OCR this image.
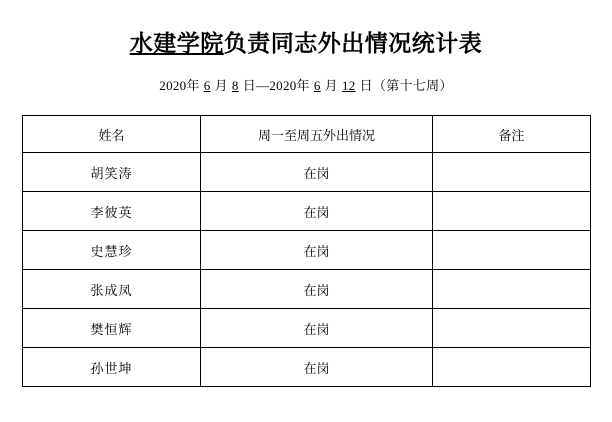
水建学院负责同志外出情况统计表

2020年 6 月 8 日—2020年 6 月 12 日（第十七周）

姓名	周一至周五外出情况	备注
胡笑涛	在岗	
李彼英	在岗	
史慧珍	在岗	
张成凤	在岗	
樊恒辉	在岗	
孙世坤	在岗	
